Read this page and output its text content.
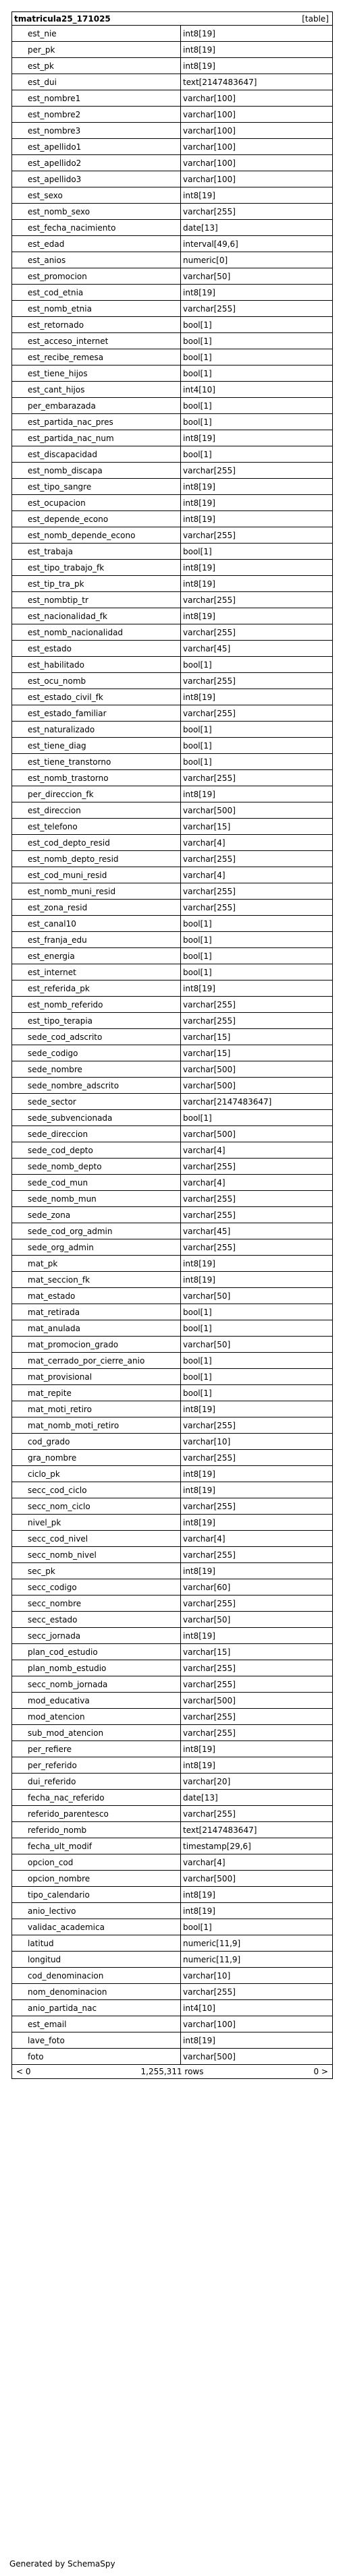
tmatricula25_171025	[table]
est_nie	int8[19]
per_pk	int8[19]
est_pk	int8[19]
est_dui	text[2147483647]
est_nombre1	varchar[100]
est_nombre2	varchar[100]
est_nombre3	varchar[100]
est_apellido1	varchar[100]
est_apellido2	varchar[100]
est_apellido3	varchar[100]
est_sexo	int8[19]
est_nomb_sexo	varchar[255]
est_fecha_nacimiento	date[13]
est_edad	interval[49,6]
est_anios	numeric[0]
est_promocion	varchar[50]
est_cod_etnia	int8[19]
est_nomb_etnia	varchar[255]
est_retornado	bool[1]
est_acceso_internet	bool[1]
est_recibe_remesa	bool[1]
est_tiene_hijos	bool[1]
est_cant_hijos	int4[10]
per_embarazada	bool[1]
est_partida_nac_pres	bool[1]
est_partida_nac_num	int8[19]
est_discapacidad	bool[1]
est_nomb_discapa	varchar[255]
est_tipo_sangre	int8[19]
est_ocupacion	int8[19]
est_depende_econo	int8[19]
est_nomb_depende_econo	varchar[255]
est_trabaja	bool[1]
est_tipo_trabajo_fk	int8[19]
est_tip_tra_pk	int8[19]
est_nombtip_tr	varchar[255]
est_nacionalidad_fk	int8[19]
est_nomb_nacionalidad	varchar[255]
est_estado	varchar[45]
est_habilitado	bool[1]
est_ocu_nomb	varchar[255]
est_estado_civil_fk	int8[19]
est_estado_familiar	varchar[255]
est_naturalizado	bool[1]
est_tiene_diag	bool[1]
est_tiene_transtorno	bool[1]
est_nomb_trastorno	varchar[255]
per_direccion_fk	int8[19]
est_direccion	varchar[500]
est_telefono	varchar[15]
est_cod_depto_resid	varchar[4]
est_nomb_depto_resid	varchar[255]
est_cod_muni_resid	varchar[4]
est_nomb_muni_resid	varchar[255]
est_zona_resid	varchar[255]
est_canal10	bool[1]
est_franja_edu	bool[1]
est_energia	bool[1]
est_internet	bool[1]
est_referida_pk	int8[19]
est_nomb_referido	varchar[255]
est_tipo_terapia	varchar[255]
sede_cod_adscrito	varchar[15]
sede_codigo	varchar[15]
sede_nombre	varchar[500]
sede_nombre_adscrito	varchar[500]
sede_sector	varchar[2147483647]
sede_subvencionada	bool[1]
sede_direccion	varchar[500]
sede_cod_depto	varchar[4]
sede_nomb_depto	varchar[255]
sede_cod_mun	varchar[4]
sede_nomb_mun	varchar[255]
sede_zona	varchar[255]
sede_cod_org_admin	varchar[45]
sede_org_admin	varchar[255]
mat_pk	int8[19]
mat_seccion_fk	int8[19]
mat_estado	varchar[50]
mat_retirada	bool[1]
mat_anulada	bool[1]
mat_promocion_grado	varchar[50]
mat_cerrado_por_cierre_anio	bool[1]
mat_provisional	bool[1]
mat_repite	bool[1]
mat_moti_retiro	int8[19]
mat_nomb_moti_retiro	varchar[255]
cod_grado	varchar[10]
gra_nombre	varchar[255]
ciclo_pk	int8[19]
secc_cod_ciclo	int8[19]
secc_nom_ciclo	varchar[255]
nivel_pk	int8[19]
secc_cod_nivel	varchar[4]
secc_nomb_nivel	varchar[255]
sec_pk	int8[19]
secc_codigo	varchar[60]
secc_nombre	varchar[255]
secc_estado	varchar[50]
secc_jornada	int8[19]
plan_cod_estudio	varchar[15]
plan_nomb_estudio	varchar[255]
secc_nomb_jornada	varchar[255]
mod_educativa	varchar[500]
mod_atencion	varchar[255]
sub_mod_atencion	varchar[255]
per_refiere	int8[19]
per_referido	int8[19]
dui_referido	varchar[20]
fecha_nac_referido	date[13]
referido_parentesco	varchar[255]
referido_nomb	text[2147483647]
fecha_ult_modif	timestamp[29,6]
opcion_cod	varchar[4]
opcion_nombre	varchar[500]
tipo_calendario	int8[19]
anio_lectivo	int8[19]
validac_academica	bool[1]
latitud	numeric[11,9]
longitud	numeric[11,9]
cod_denominacion	varchar[10]
nom_denominacion	varchar[255]
anio_partida_nac	int4[10]
est_email	varchar[100]
lave_foto	int8[19]
foto	varchar[500]
< 0	1,255,311 rows	0 >
Generated by SchemaSpy
